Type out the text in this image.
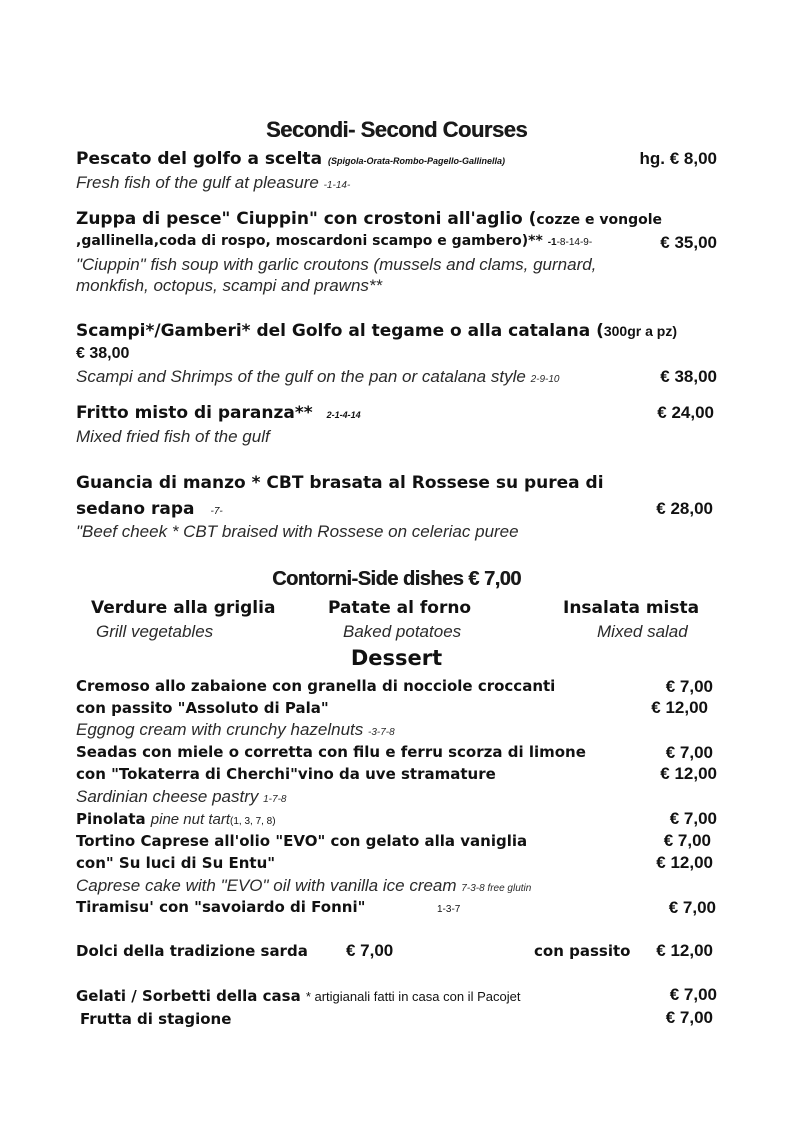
Secondi- Second Courses
Pescato del golfo a scelta (Spigola-Orata-Rombo-Pagello-Gallinella)	hg. € 8,00
Fresh fish of the gulf at pleasure -1-14-
Zuppa di pesce" Ciuppin" con crostoni all'aglio (cozze e vongole
,gallinella,coda di rospo, moscardoni scampo e gambero)** -1-8-14-9-	€ 35,00
"Ciuppin" fish soup with garlic croutons (mussels and clams, gurnard,
monkfish, octopus, scampi and prawns**
Scampi*/Gamberi* del Golfo al tegame o alla catalana (300gr a pz)
€ 38,00
Scampi and Shrimps of the gulf on the pan or catalana style 2-9-10	€ 38,00
Fritto misto di paranza** 2-1-4-14	€ 24,00
Mixed fried fish of the gulf
Guancia di manzo * CBT brasata al Rossese su purea di
sedano rapa -7-	€ 28,00
"Beef cheek * CBT braised with Rossese on celeriac puree
Contorni-Side dishes € 7,00
Verdure alla griglia	Patate al forno	Insalata mista
Grill vegetables	Baked potatoes	Mixed salad
Dessert
Cremoso allo zabaione con granella di nocciole croccanti	€ 7,00
con passito "Assoluto di Pala"	€ 12,00
Eggnog cream with crunchy hazelnuts -3-7-8
Seadas con miele o corretta con filu e ferru scorza di limone	€ 7,00
con "Tokaterra di Cherchi"vino da uve stramature	€ 12,00
Sardinian cheese pastry 1-7-8
Pinolata pine nut tart(1, 3, 7, 8)	€ 7,00
Tortino Caprese all'olio "EVO" con gelato alla vaniglia	€ 7,00
con" Su luci di Su Entu"	€ 12,00
Caprese cake with "EVO" oil with vanilla ice cream 7-3-8 free glutin
Tiramisu' con "savoiardo di Fonni"	1-3-7	€ 7,00
Dolci della tradizione sarda € 7,00	con passito € 12,00
Gelati / Sorbetti della casa * artigianali fatti in casa con il Pacojet	€ 7,00
Frutta di stagione	€ 7,00
